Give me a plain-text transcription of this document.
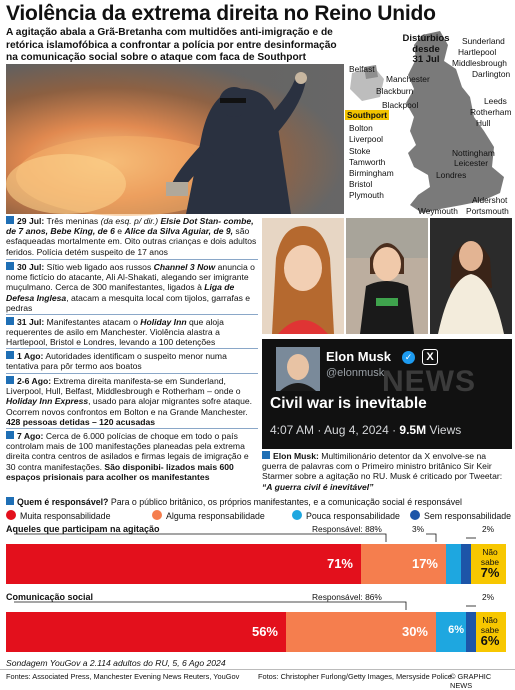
Violência da extrema direita no Reino Unido
A agitação abala a Grã-Bretanha com multidões anti-imigração e de retórica islamofóbica a confrontar a polícia por entre desinformação na comunicação social sobre o ataque com faca de Southport
Distúrbios
desde
31 Jul
Belfast
Manchester
Blackburn
Blackpool
Southport
Bolton
Liverpool
Stoke
Tamworth
Birmingham
Bristol
Plymouth
Sunderland
Hartlepool
Middlesbrough
Darlington
Leeds
Rotherham
Hull
Nottingham
Leicester
Londres
Aldershot
Portsmouth
Weymouth
29 Jul: Três meninas (da esq. p/ dir.) Elsie Dot Stan- combe, de 7 anos, Bebe King, de 6 e Alice da Silva Aguiar, de 9, são esfaqueadas mortalmente em. Oito outras crianças e dois adultos feridos. Polícia detém suspeito de 17 anos
30 Jul: Sítio web ligado aos russos Channel 3 Now anuncia o nome fictício do atacante, Ali Al-Shakati, alegando ser imigrante muçulmano. Cerca de 300 manifestantes, ligados à Liga de Defesa Inglesa, atacam a mesquita local com tijolos, garrafas e pedras
31 Jul: Manifestantes atacam o Holiday Inn que aloja requerentes de asilo em Manchester. Violência alastra a Hartlepool, Bristol e Londres, levando a 100 detenções
1 Ago: Autoridades identificam o suspeito menor numa tentativa para pôr termo aos boatos
2-6 Ago: Extrema direita manifesta-se em Sunderland, Liverpool, Hull, Belfast, Middlesbrough e Rotherham – onde o Holiday Inn Express, usado para alojar migrantes sofre ataque. Ocorrem novos confrontos em Bolton e na Grande Manchester. 428 pessoas detidas – 120 acusadas
7 Ago: Cerca de 6.000 polícias de choque em todo o país controlam mais de 100 manifestações planeadas pela extrema direita contra centros de asilados e firmas legais de imigração e 30 contra manifestações. São disponibi- lizados mais 600 espaços prisionais para acolher os manifestantes
Elon Musk	✓	X
@elonmusk
NEWS
Civil war is inevitable
4:07 AM · Aug 4, 2024 · 9.5M Views
Elon Musk: Multimilionário detentor da X envolve-se na guerra de palavras com o Primeiro ministro britânico Sir Keir Starmer sobre a agitação no RU. Musk é criticado por Tweetar: “A guerra civil é inevitável”
Quem é responsável? Para o público britânico, os próprios manifestantes, e a comunicação social é responsável
Muita responsabilidade	Alguma responsabilidade	Pouca responsabilidade	Sem responsabilidade
Aqueles que participam na agitação	Responsável: 88%	3%	2%
71%	17%
Não sabe
7%
Comunicação social	Responsável: 86%	2%
56%	30% 6%
Não sabe
6%
Sondagem YouGov a 2.114 adultos do RU, 5, 6 Ago 2024
Fontes: Associated Press, Manchester Evening News Reuters, YouGov	Fotos: Christopher Furlong/Getty Images, Mersyside Police
© GRAPHIC NEWS
